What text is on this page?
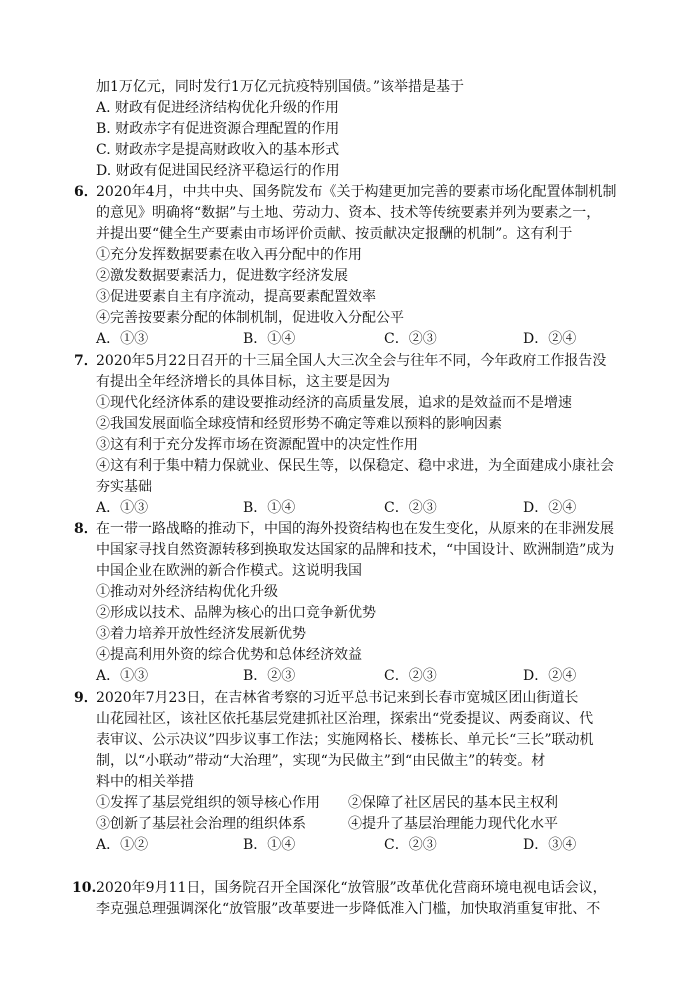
加1万亿元，同时发行1万亿元抗疫特别国债。”该举措是基于
A. 财政有促进经济结构优化升级的作用
B. 财政赤字有促进资源合理配置的作用
C. 财政赤字是提高财政收入的基本形式
D. 财政有促进国民经济平稳运行的作用
6．
2020年4月，中共中央、国务院发布《关于构建更加完善的要素市场化配置体制机制
的意见》明确将“数据”与土地、劳动力、资本、技术等传统要素并列为要素之一，
并提出要“健全生产要素由市场评价贡献、按贡献决定报酬的机制”。这有利于
①充分发挥数据要素在收入再分配中的作用
②激发数据要素活力，促进数字经济发展
③促进要素自主有序流动，提高要素配置效率
④完善按要素分配的体制机制，促进收入分配公平
A．①③	B．①④	C．②③	D．②④
7．
2020年5月22日召开的十三届全国人大三次全会与往年不同，今年政府工作报告没
有提出全年经济增长的具体目标，这主要是因为
①现代化经济体系的建设要推动经济的高质量发展，追求的是效益而不是增速
②我国发展面临全球疫情和经贸形势不确定等难以预料的影响因素
③这有利于充分发挥市场在资源配置中的决定性作用
④这有利于集中精力保就业、保民生等，以保稳定、稳中求进，为全面建成小康社会
夯实基础
A．①③	B．①④	C．②③	D．②④
8．
在一带一路战略的推动下，中国的海外投资结构也在发生变化，从原来的在非洲发展
中国家寻找自然资源转移到换取发达国家的品牌和技术，“中国设计、欧洲制造”成为
中国企业在欧洲的新合作模式。这说明我国
①推动对外经济结构优化升级
②形成以技术、品牌为核心的出口竞争新优势
③着力培养开放性经济发展新优势
④提高利用外资的综合优势和总体经济效益
A．①③	B．②③	C．②③	D．②④
9．
2020年7月23日，在吉林省考察的习近平总书记来到长春市宽城区团山街道长
山花园社区，该社区依托基层党建抓社区治理，探索出“党委提议、两委商议、代
表审议、公示决议”四步议事工作法；实施网格长、楼栋长、单元长“三长”联动机
制，以“小联动”带动“大治理”，实现“为民做主”到“由民做主”的转变。材
料中的相关举措
①发挥了基层党组织的领导核心作用 ②保障了社区居民的基本民主权利
③创新了基层社会治理的组织体系	④提升了基层治理能力现代化水平
A．①②	B．①④	C．②③	D．③④
10. 2020年9月11日，国务院召开全国深化“放管服”改革优化营商环境电视电话会议，
李克强总理强调深化“放管服”改革要进一步降低准入门槛，加快取消重复审批、不
